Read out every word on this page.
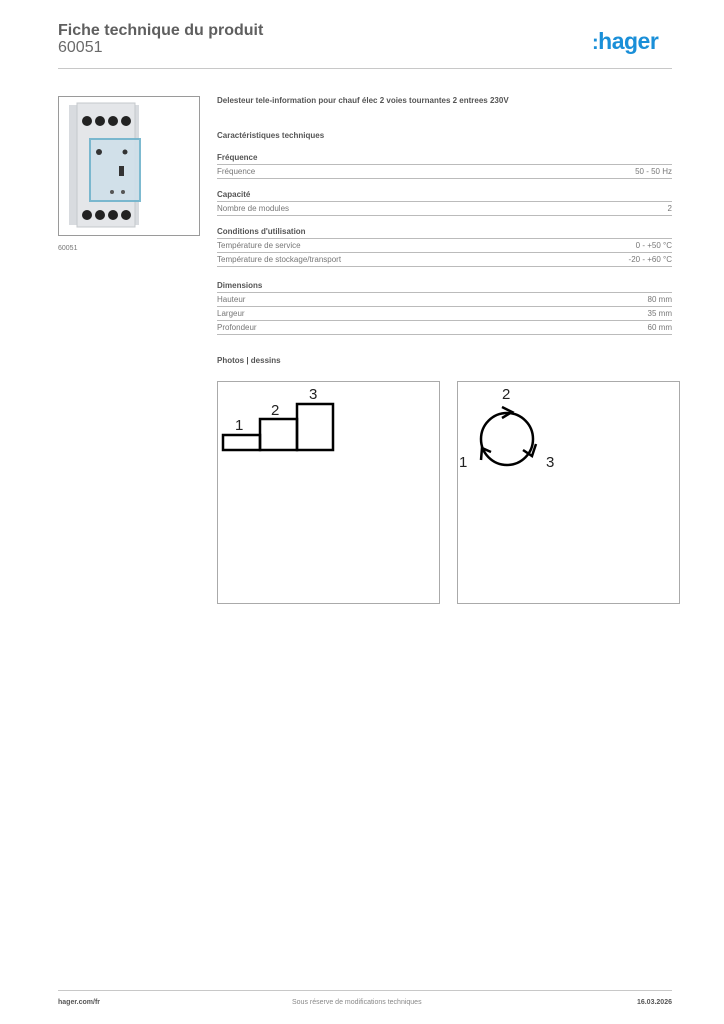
Fiche technique du produit
60051	:hager
60051
Delesteur tele-information pour chauf élec 2 voies tournantes 2 entrees 230V
Caractéristiques techniques
Fréquence
Fréquence	50 - 50 Hz
Capacité
Nombre de modules	2
Conditions d'utilisation
Température de service	0 - +50 °C
Température de stockage/transport	-20 - +60 °C
Dimensions
Hauteur	80 mm
Largeur	35 mm
Profondeur	60 mm
Photos | dessins
1
2
3	2
1	3
hager.com/fr	Sous réserve de modifications techniques	16.03.2026
